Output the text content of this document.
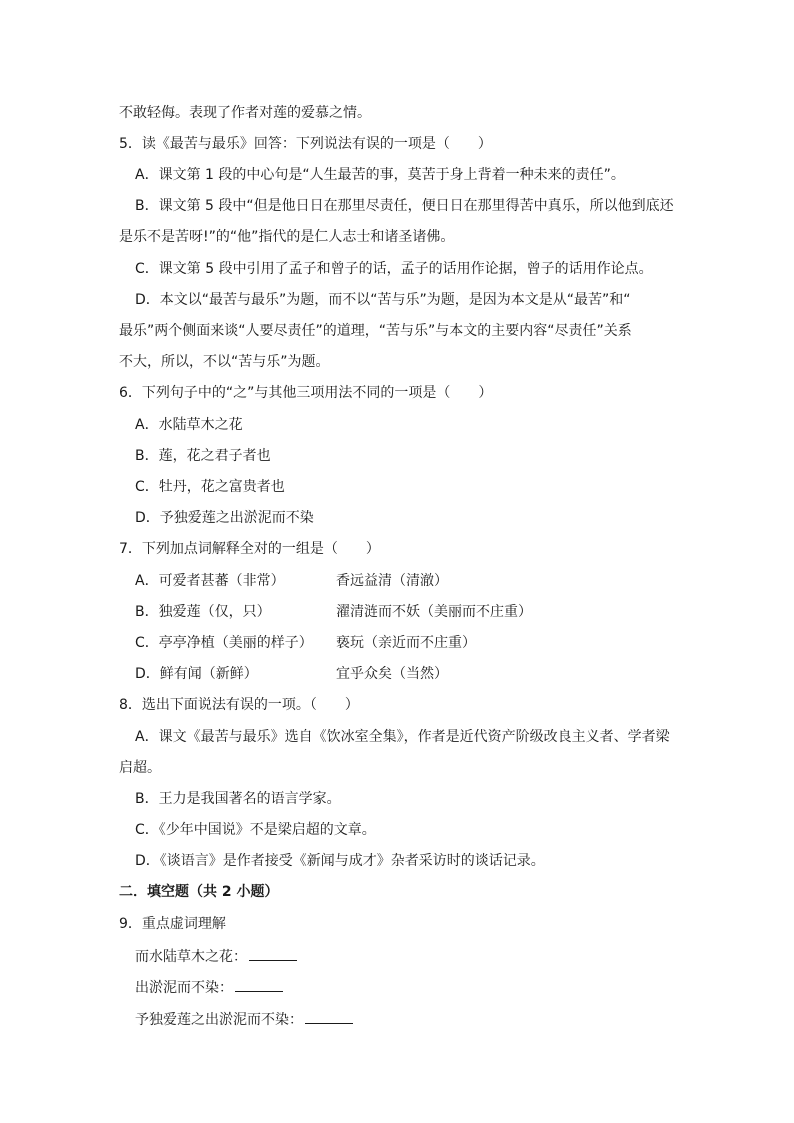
不敢轻侮。表现了作者对莲的爱慕之情。
5．读《最苦与最乐》回答：下列说法有误的一项是（　　）
A．课文第 1 段的中心句是“人生最苦的事，莫苦于身上背着一种未来的责任”。
B．课文第 5 段中“但是他日日在那里尽责任，便日日在那里得苦中真乐，所以他到底还
是乐不是苦呀!”的“他”指代的是仁人志士和诸圣诸佛。
C．课文第 5 段中引用了孟子和曾子的话，孟子的话用作论据，曾子的话用作论点。
D．本文以“最苦与最乐”为题，而不以“苦与乐”为题，是因为本文是从“最苦”和“
最乐”两个侧面来谈“人要尽责任”的道理，“苦与乐”与本文的主要内容“尽责任”关系
不大，所以，不以“苦与乐”为题。
6．下列句子中的“之”与其他三项用法不同的一项是（　　）
A．水陆草木之花
B．莲，花之君子者也
C．牡丹，花之富贵者也
D．予独爱莲之出淤泥而不染
7．下列加点词解释全对的一组是（　　）
A．可爱者甚蕃（非常）	香远益清（清澈）
B．独爱莲（仅，只）	濯清涟而不妖（美丽而不庄重）
C．亭亭净植（美丽的样子） 亵玩（亲近而不庄重）
D．鲜有闻（新鲜）	宜乎众矣（当然）
8．选出下面说法有误的一项。（　　）
A．课文《最苦与最乐》选自《饮冰室全集》，作者是近代资产阶级改良主义者、学者梁
启超。
B．王力是我国著名的语言学家。
C．《少年中国说》不是梁启超的文章。
D．《谈语言》是作者接受《新闻与成才》杂者采访时的谈话记录。
二．填空题（共 2 小题）
9．重点虚词理解
而水陆草木之花：
出淤泥而不染：
予独爱莲之出淤泥而不染：
